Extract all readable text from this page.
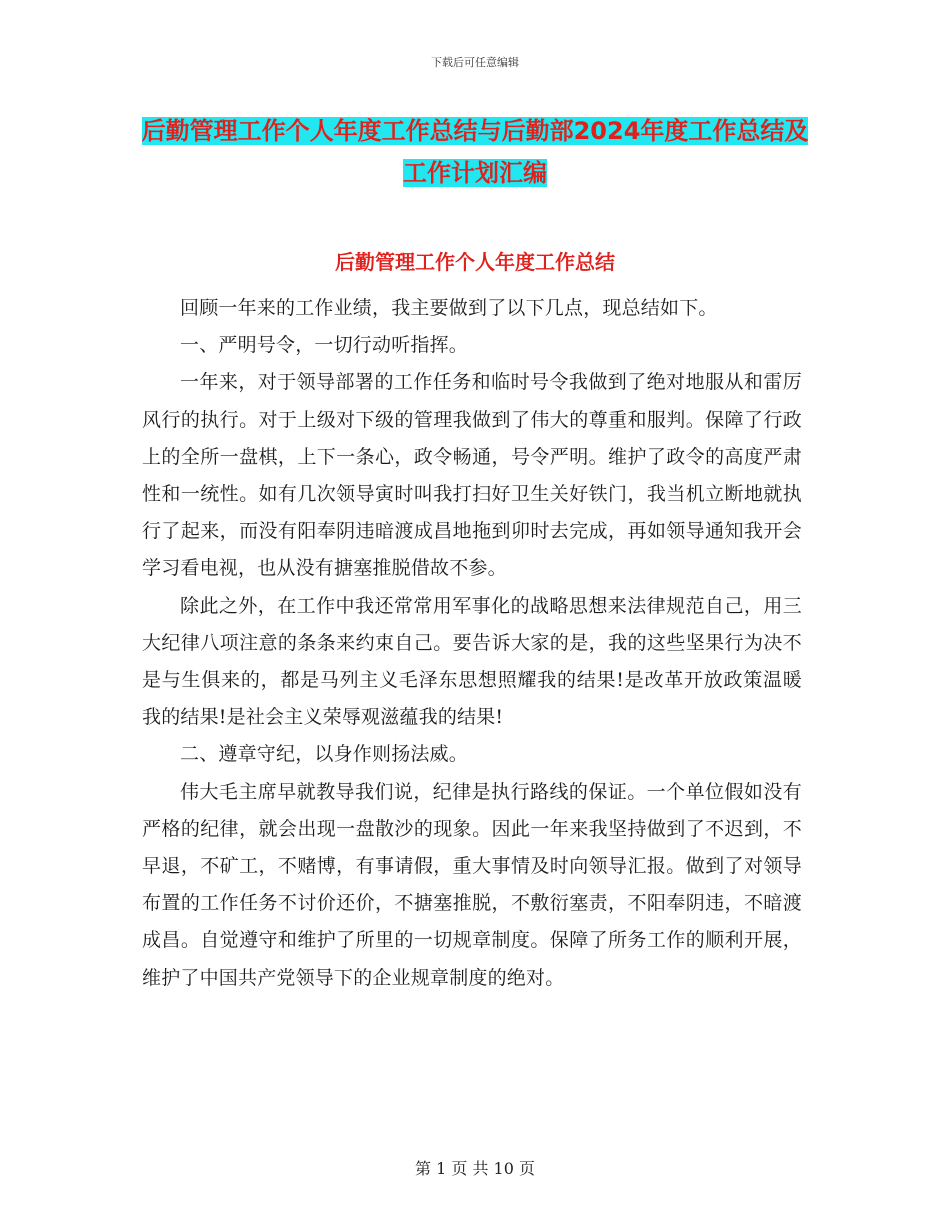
下载后可任意编辑
后勤管理工作个人年度工作总结与后勤部2024年度工作总结及工作计划汇编
后勤管理工作个人年度工作总结

回顾一年来的工作业绩，我主要做到了以下几点，现总结如下。

一、严明号令，一切行动听指挥。

一年来，对于领导部署的工作任务和临时号令我做到了绝对地服从和雷厉风行的执行。对于上级对下级的管理我做到了伟大的尊重和服判。保障了行政上的全所一盘棋，上下一条心，政令畅通，号令严明。维护了政令的高度严肃性和一统性。如有几次领导寅时叫我打扫好卫生关好铁门，我当机立断地就执行了起来，而没有阳奉阴违暗渡成昌地拖到卯时去完成，再如领导通知我开会学习看电视，也从没有搪塞推脱借故不参。

除此之外，在工作中我还常常用军事化的战略思想来法律规范自己，用三大纪律八项注意的条条来约束自己。要告诉大家的是，我的这些坚果行为决不是与生俱来的，都是马列主义毛泽东思想照耀我的结果!是改革开放政策温暖我的结果!是社会主义荣辱观滋蕴我的结果!

二、遵章守纪，以身作则扬法威。

伟大毛主席早就教导我们说，纪律是执行路线的保证。一个单位假如没有严格的纪律，就会出现一盘散沙的现象。因此一年来我坚持做到了不迟到，不早退，不矿工，不赌博，有事请假，重大事情及时向领导汇报。做到了对领导布置的工作任务不讨价还价，不搪塞推脱，不敷衍塞责，不阳奉阴违，不暗渡成昌。自觉遵守和维护了所里的一切规章制度。保障了所务工作的顺利开展，维护了中国共产党领导下的企业规章制度的绝对。

第 1 页 共 10 页
